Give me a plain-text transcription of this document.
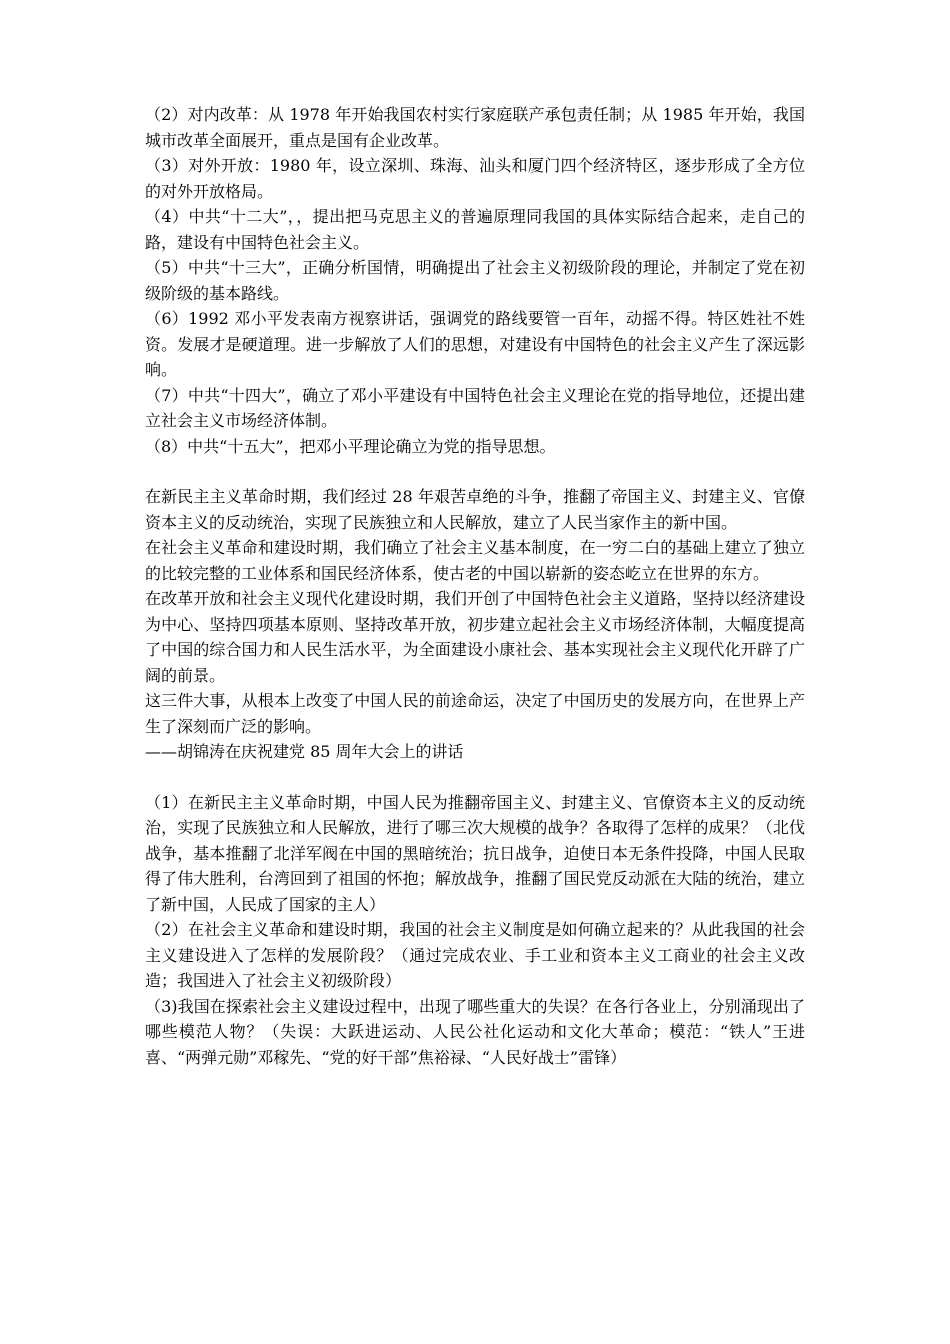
（2）对内改革：从 1978 年开始我国农村实行家庭联产承包责任制；从 1985 年开始，我国城市改革全面展开，重点是国有企业改革。

（3）对外开放：1980 年，设立深圳、珠海、汕头和厦门四个经济特区，逐步形成了全方位的对外开放格局。

（4）中共“十二大”，，提出把马克思主义的普遍原理同我国的具体实际结合起来，走自己的路，建设有中国特色社会主义。

（5）中共“十三大”，正确分析国情，明确提出了社会主义初级阶段的理论，并制定了党在初级阶级的基本路线。

（6）1992 邓小平发表南方视察讲话，强调党的路线要管一百年，动摇不得。特区姓社不姓资。发展才是硬道理。进一步解放了人们的思想，对建设有中国特色的社会主义产生了深远影响。

（7）中共“十四大”，确立了邓小平建设有中国特色社会主义理论在党的指导地位，还提出建立社会主义市场经济体制。

（8）中共“十五大”，把邓小平理论确立为党的指导思想。

在新民主主义革命时期，我们经过 28 年艰苦卓绝的斗争，推翻了帝国主义、封建主义、官僚资本主义的反动统治，实现了民族独立和人民解放，建立了人民当家作主的新中国。

在社会主义革命和建设时期，我们确立了社会主义基本制度，在一穷二白的基础上建立了独立的比较完整的工业体系和国民经济体系，使古老的中国以崭新的姿态屹立在世界的东方。

在改革开放和社会主义现代化建设时期，我们开创了中国特色社会主义道路，坚持以经济建设为中心、坚持四项基本原则、坚持改革开放，初步建立起社会主义市场经济体制，大幅度提高了中国的综合国力和人民生活水平，为全面建设小康社会、基本实现社会主义现代化开辟了广阔的前景。

这三件大事，从根本上改变了中国人民的前途命运，决定了中国历史的发展方向，在世界上产生了深刻而广泛的影响。

——胡锦涛在庆祝建党 85 周年大会上的讲话

（1）在新民主主义革命时期，中国人民为推翻帝国主义、封建主义、官僚资本主义的反动统治，实现了民族独立和人民解放，进行了哪三次大规模的战争？各取得了怎样的成果？（北伐战争，基本推翻了北洋军阀在中国的黑暗统治；抗日战争，迫使日本无条件投降，中国人民取得了伟大胜利，台湾回到了祖国的怀抱；解放战争，推翻了国民党反动派在大陆的统治，建立了新中国，人民成了国家的主人）

（2）在社会主义革命和建设时期，我国的社会主义制度是如何确立起来的？从此我国的社会主义建设进入了怎样的发展阶段？（通过完成农业、手工业和资本主义工商业的社会主义改造；我国进入了社会主义初级阶段）

（3)我国在探索社会主义建设过程中，出现了哪些重大的失误？在各行各业上，分别涌现出了哪些模范人物？（失误：大跃进运动、人民公社化运动和文化大革命；模范：“铁人”王进喜、“两弹元勋”邓稼先、“党的好干部”焦裕禄、“人民好战士”雷锋）
